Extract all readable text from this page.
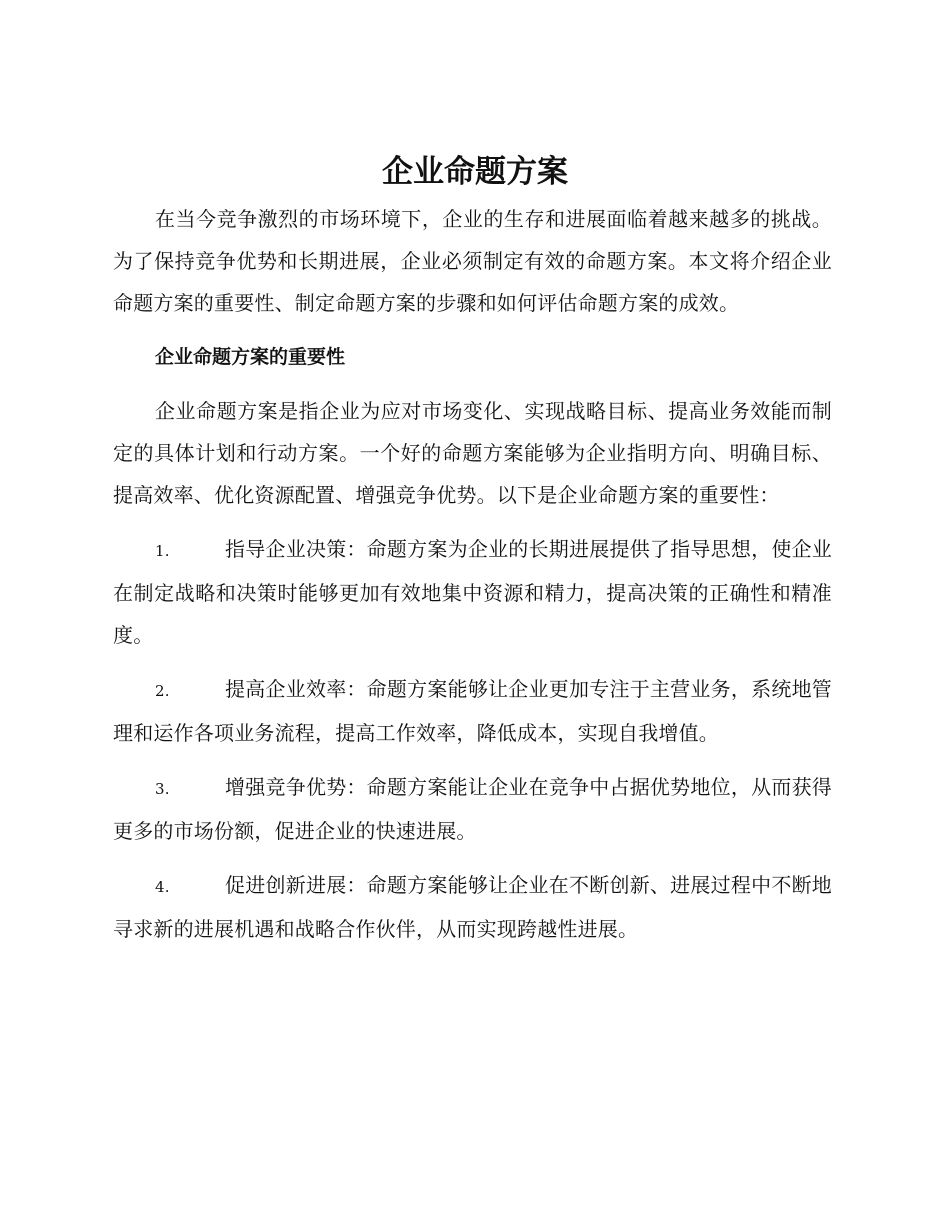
企业命题方案

在当今竞争激烈的市场环境下，企业的生存和进展面临着越来越多的挑战。为了保持竞争优势和长期进展，企业必须制定有效的命题方案。本文将介绍企业命题方案的重要性、制定命题方案的步骤和如何评估命题方案的成效。

企业命题方案的重要性

企业命题方案是指企业为应对市场变化、实现战略目标、提高业务效能而制定的具体计划和行动方案。一个好的命题方案能够为企业指明方向、明确目标、提高效率、优化资源配置、增强竞争优势。以下是企业命题方案的重要性：

1.	指导企业决策：命题方案为企业的长期进展提供了指导思想，使企业在制定战略和决策时能够更加有效地集中资源和精力，提高决策的正确性和精准度。

2.	提高企业效率：命题方案能够让企业更加专注于主营业务，系统地管理和运作各项业务流程，提高工作效率，降低成本，实现自我增值。

3.	增强竞争优势：命题方案能让企业在竞争中占据优势地位，从而获得更多的市场份额，促进企业的快速进展。

4.	促进创新进展：命题方案能够让企业在不断创新、进展过程中不断地寻求新的进展机遇和战略合作伙伴，从而实现跨越性进展。
